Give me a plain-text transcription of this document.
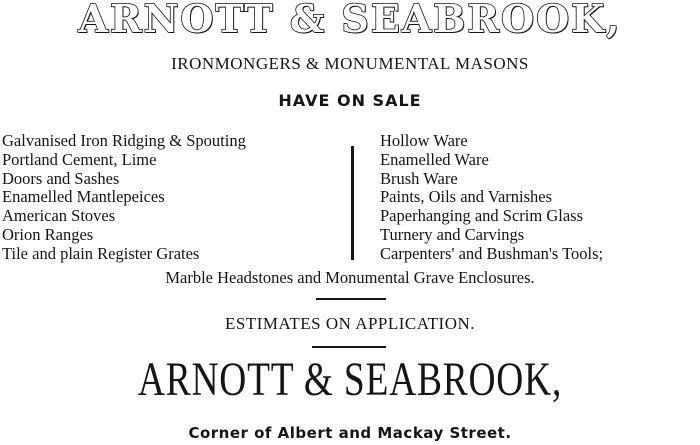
ARNOTT & SEABROOK,
IRONMONGERS & MONUMENTAL MASONS
HAVE ON SALE
Galvanised Iron Ridging & Spouting
Portland Cement, Lime
Doors and Sashes
Enamelled Mantlepeices
American Stoves
Orion Ranges
Tile and plain Register Grates
Hollow Ware
Enamelled Ware
Brush Ware
Paints, Oils and Varnishes
Paperhanging and Scrim Glass
Turnery and Carvings
Carpenters' and Bushman's Tools;
Marble Headstones and Monumental Grave Enclosures.
ESTIMATES ON APPLICATION.
ARNOTT & SEABROOK,
Corner of Albert and Mackay Street.
